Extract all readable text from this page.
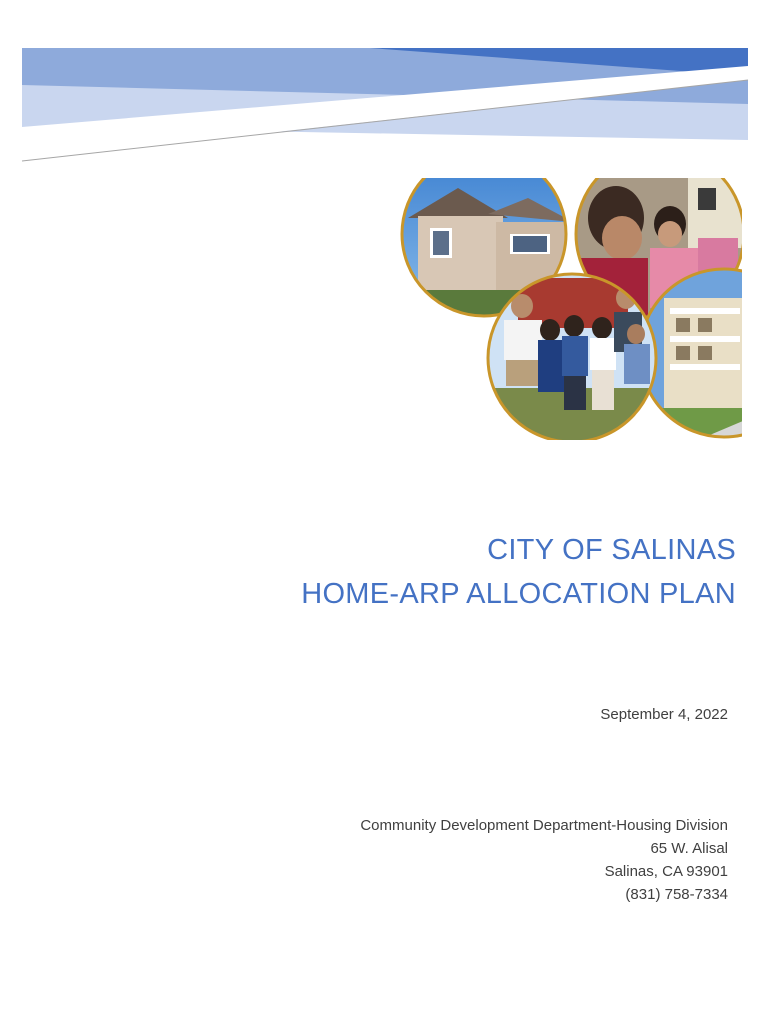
CITY OF SALINAS
HOME-ARP ALLOCATION PLAN
September 4, 2022
Community Development Department-Housing Division
65 W. Alisal
Salinas, CA 93901
(831) 758-7334
